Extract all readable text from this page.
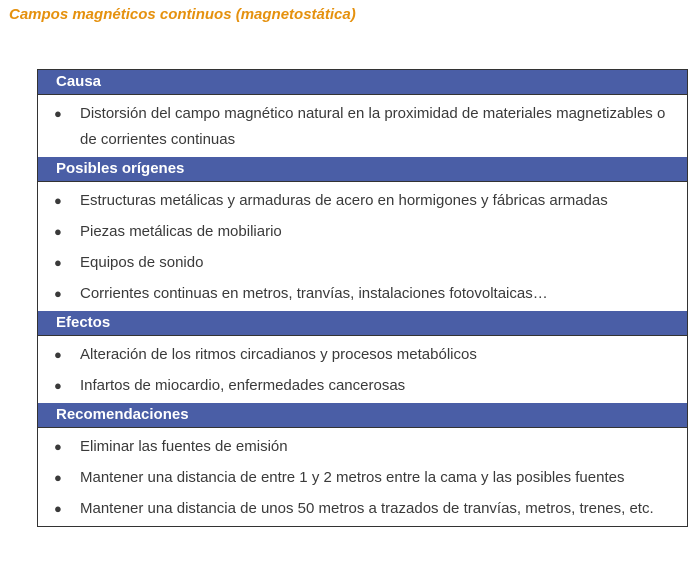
Campos magnéticos continuos (magnetostática)
Causa
● Distorsión del campo magnético natural en la proximidad de materiales magnetizables o de corrientes continuas
Posibles orígenes
● Estructuras metálicas y armaduras de acero en hormigones y fábricas armadas
● Piezas metálicas de mobiliario
● Equipos de sonido
● Corrientes continuas en metros, tranvías, instalaciones fotovoltaicas…
Efectos
● Alteración de los ritmos circadianos y procesos metabólicos
● Infartos de miocardio, enfermedades cancerosas
Recomendaciones
● Eliminar las fuentes de emisión
● Mantener una distancia de entre 1 y 2 metros entre la cama y las posibles fuentes
● Mantener una distancia de unos 50 metros a trazados de tranvías, metros, trenes, etc.
